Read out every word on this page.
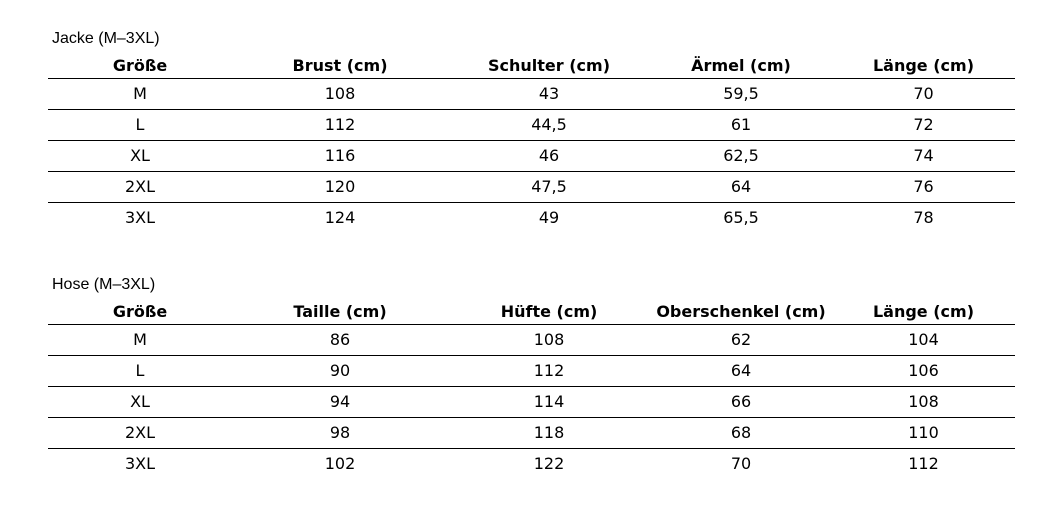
Jacke (M–3XL)
Größe	Brust (cm)	Schulter (cm)	Ärmel (cm)	Länge (cm)
M	108	43	59,5	70
L	112	44,5	61	72
XL	116	46	62,5	74
2XL	120	47,5	64	76
3XL	124	49	65,5	78
Hose (M–3XL)
Größe	Taille (cm)	Hüfte (cm)	Oberschenkel (cm)	Länge (cm)
M	86	108	62	104
L	90	112	64	106
XL	94	114	66	108
2XL	98	118	68	110
3XL	102	122	70	112
